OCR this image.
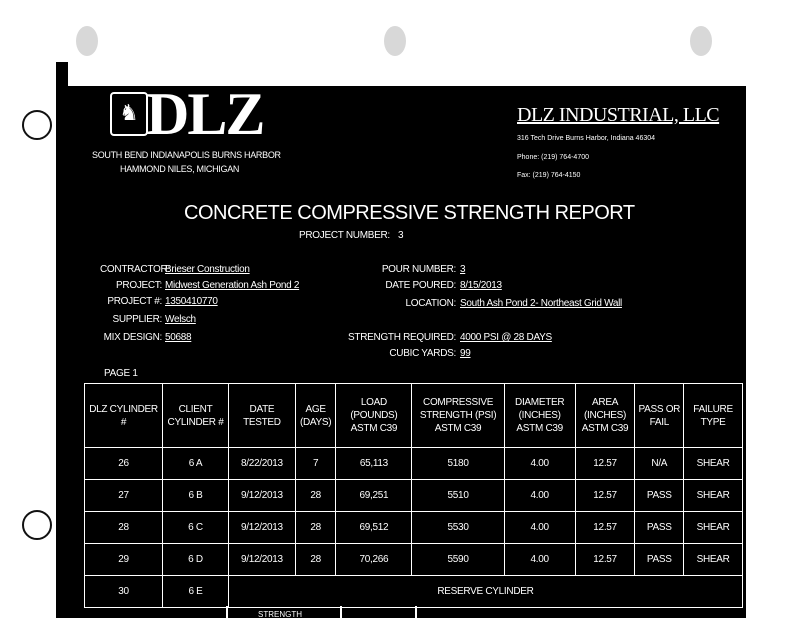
♞ DLZ
SOUTH BEND INDIANAPOLIS BURNS HARBOR
HAMMOND NILES, MICHIGAN
DLZ INDUSTRIAL, LLC
316 Tech Drive Burns Harbor, Indiana 46304
Phone: (219) 764-4700
Fax: (219) 764-4150
CONCRETE COMPRESSIVE STRENGTH REPORT
PROJECT NUMBER: 3
CONTRACTOR:
Brieser Construction
PROJECT: Midwest Generation Ash Pond 2
PROJECT #: 1350410770
SUPPLIER: Welsch
MIX DESIGN: 50688
POUR NUMBER: 3
DATE POURED: 8/15/2013
LOCATION: South Ash Pond 2- Northeast Grid Wall
STRENGTH REQUIRED: 4000 PSI @ 28 DAYS
CUBIC YARDS: 99
PAGE 1
DLZ CYLINDER #	CLIENT CYLINDER #	DATE TESTED	AGE (DAYS)	LOAD (POUNDS) ASTM C39	COMPRESSIVE STRENGTH (PSI) ASTM C39	DIAMETER (INCHES) ASTM C39	AREA (INCHES) ASTM C39	PASS OR FAIL	FAILURE TYPE
26	6 A	8/22/2013	7	65,113	5180	4.00	12.57	N/A	SHEAR
27	6 B	9/12/2013	28	69,251	5510	4.00	12.57	PASS	SHEAR
28	6 C	9/12/2013	28	69,512	5530	4.00	12.57	PASS	SHEAR
29	6 D	9/12/2013	28	70,266	5590	4.00	12.57	PASS	SHEAR
30	6 E	RESERVE CYLINDER							
STRENGTH
